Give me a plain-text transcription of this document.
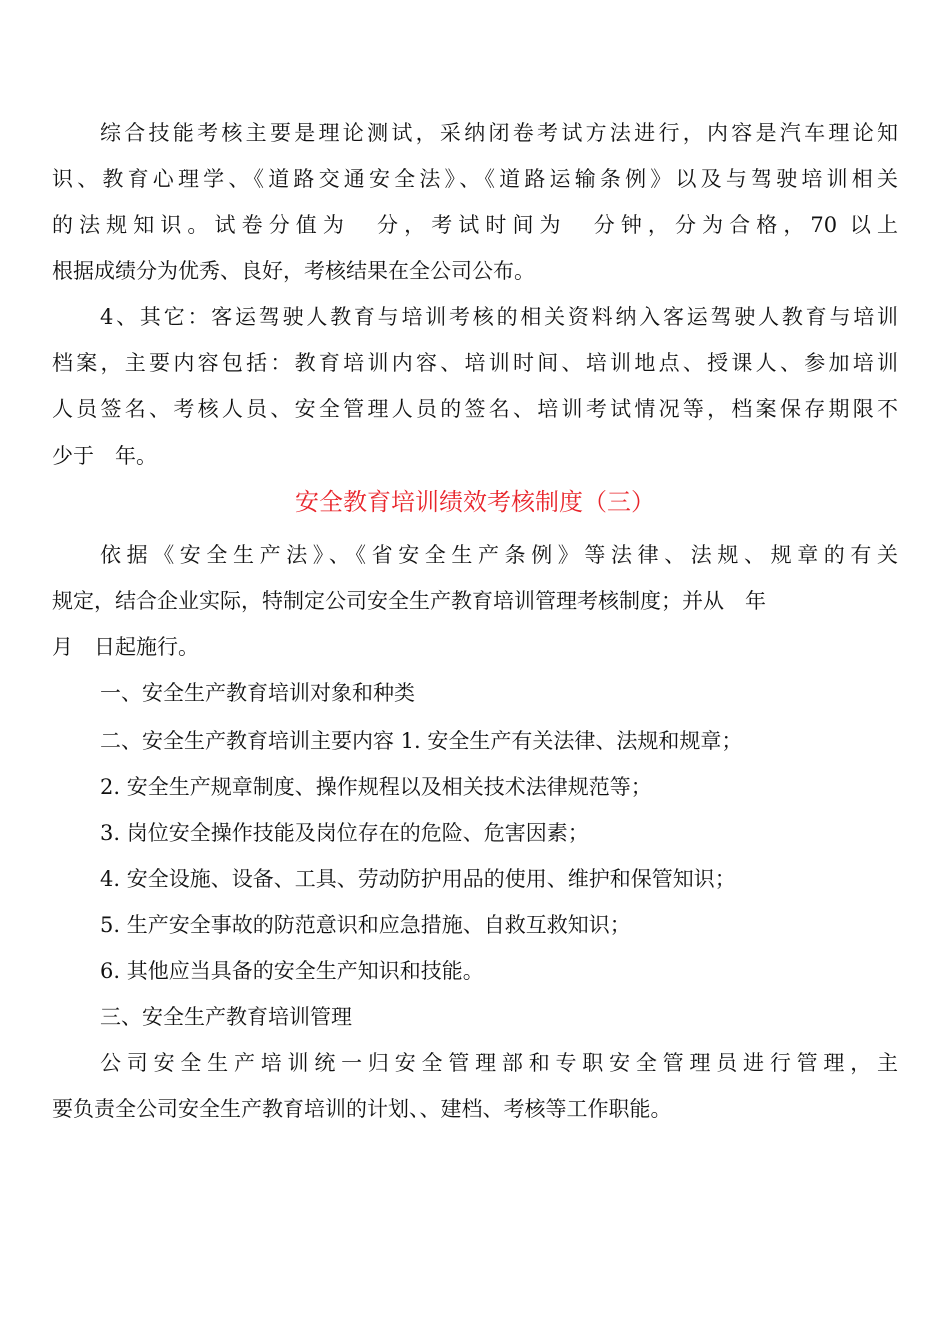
综合技能考核主要是理论测试，采纳闭卷考试方法进行，内容是汽车理论知
识、教育心理学、《道路交通安全法》、《道路运输条例》以及与驾驶培训相关
的法规知识。试卷分值为　分，考试时间为　分钟，分为合格，70 以上
根据成绩分为优秀、良好，考核结果在全公司公布。
4、其它：客运驾驶人教育与培训考核的相关资料纳入客运驾驶人教育与培训
档案，主要内容包括：教育培训内容、培训时间、培训地点、授课人、参加培训
人员签名、考核人员、安全管理人员的签名、培训考试情况等，档案保存期限不
少于　年。
安全教育培训绩效考核制度（三）
依据《安全生产法》、《省安全生产条例》等法律、法规、规章的有关
规定，结合企业实际，特制定公司安全生产教育培训管理考核制度；并从　年
月　日起施行。
一、安全生产教育培训对象和种类
二、安全生产教育培训主要内容 1. 安全生产有关法律、法规和规章；
2. 安全生产规章制度、操作规程以及相关技术法律规范等；
3. 岗位安全操作技能及岗位存在的危险、危害因素；
4. 安全设施、设备、工具、劳动防护用品的使用、维护和保管知识；
5. 生产安全事故的防范意识和应急措施、自救互救知识；
6. 其他应当具备的安全生产知识和技能。
三、安全生产教育培训管理
公司安全生产培训统一归安全管理部和专职安全管理员进行管理，主
要负责全公司安全生产教育培训的计划、、建档、考核等工作职能。
